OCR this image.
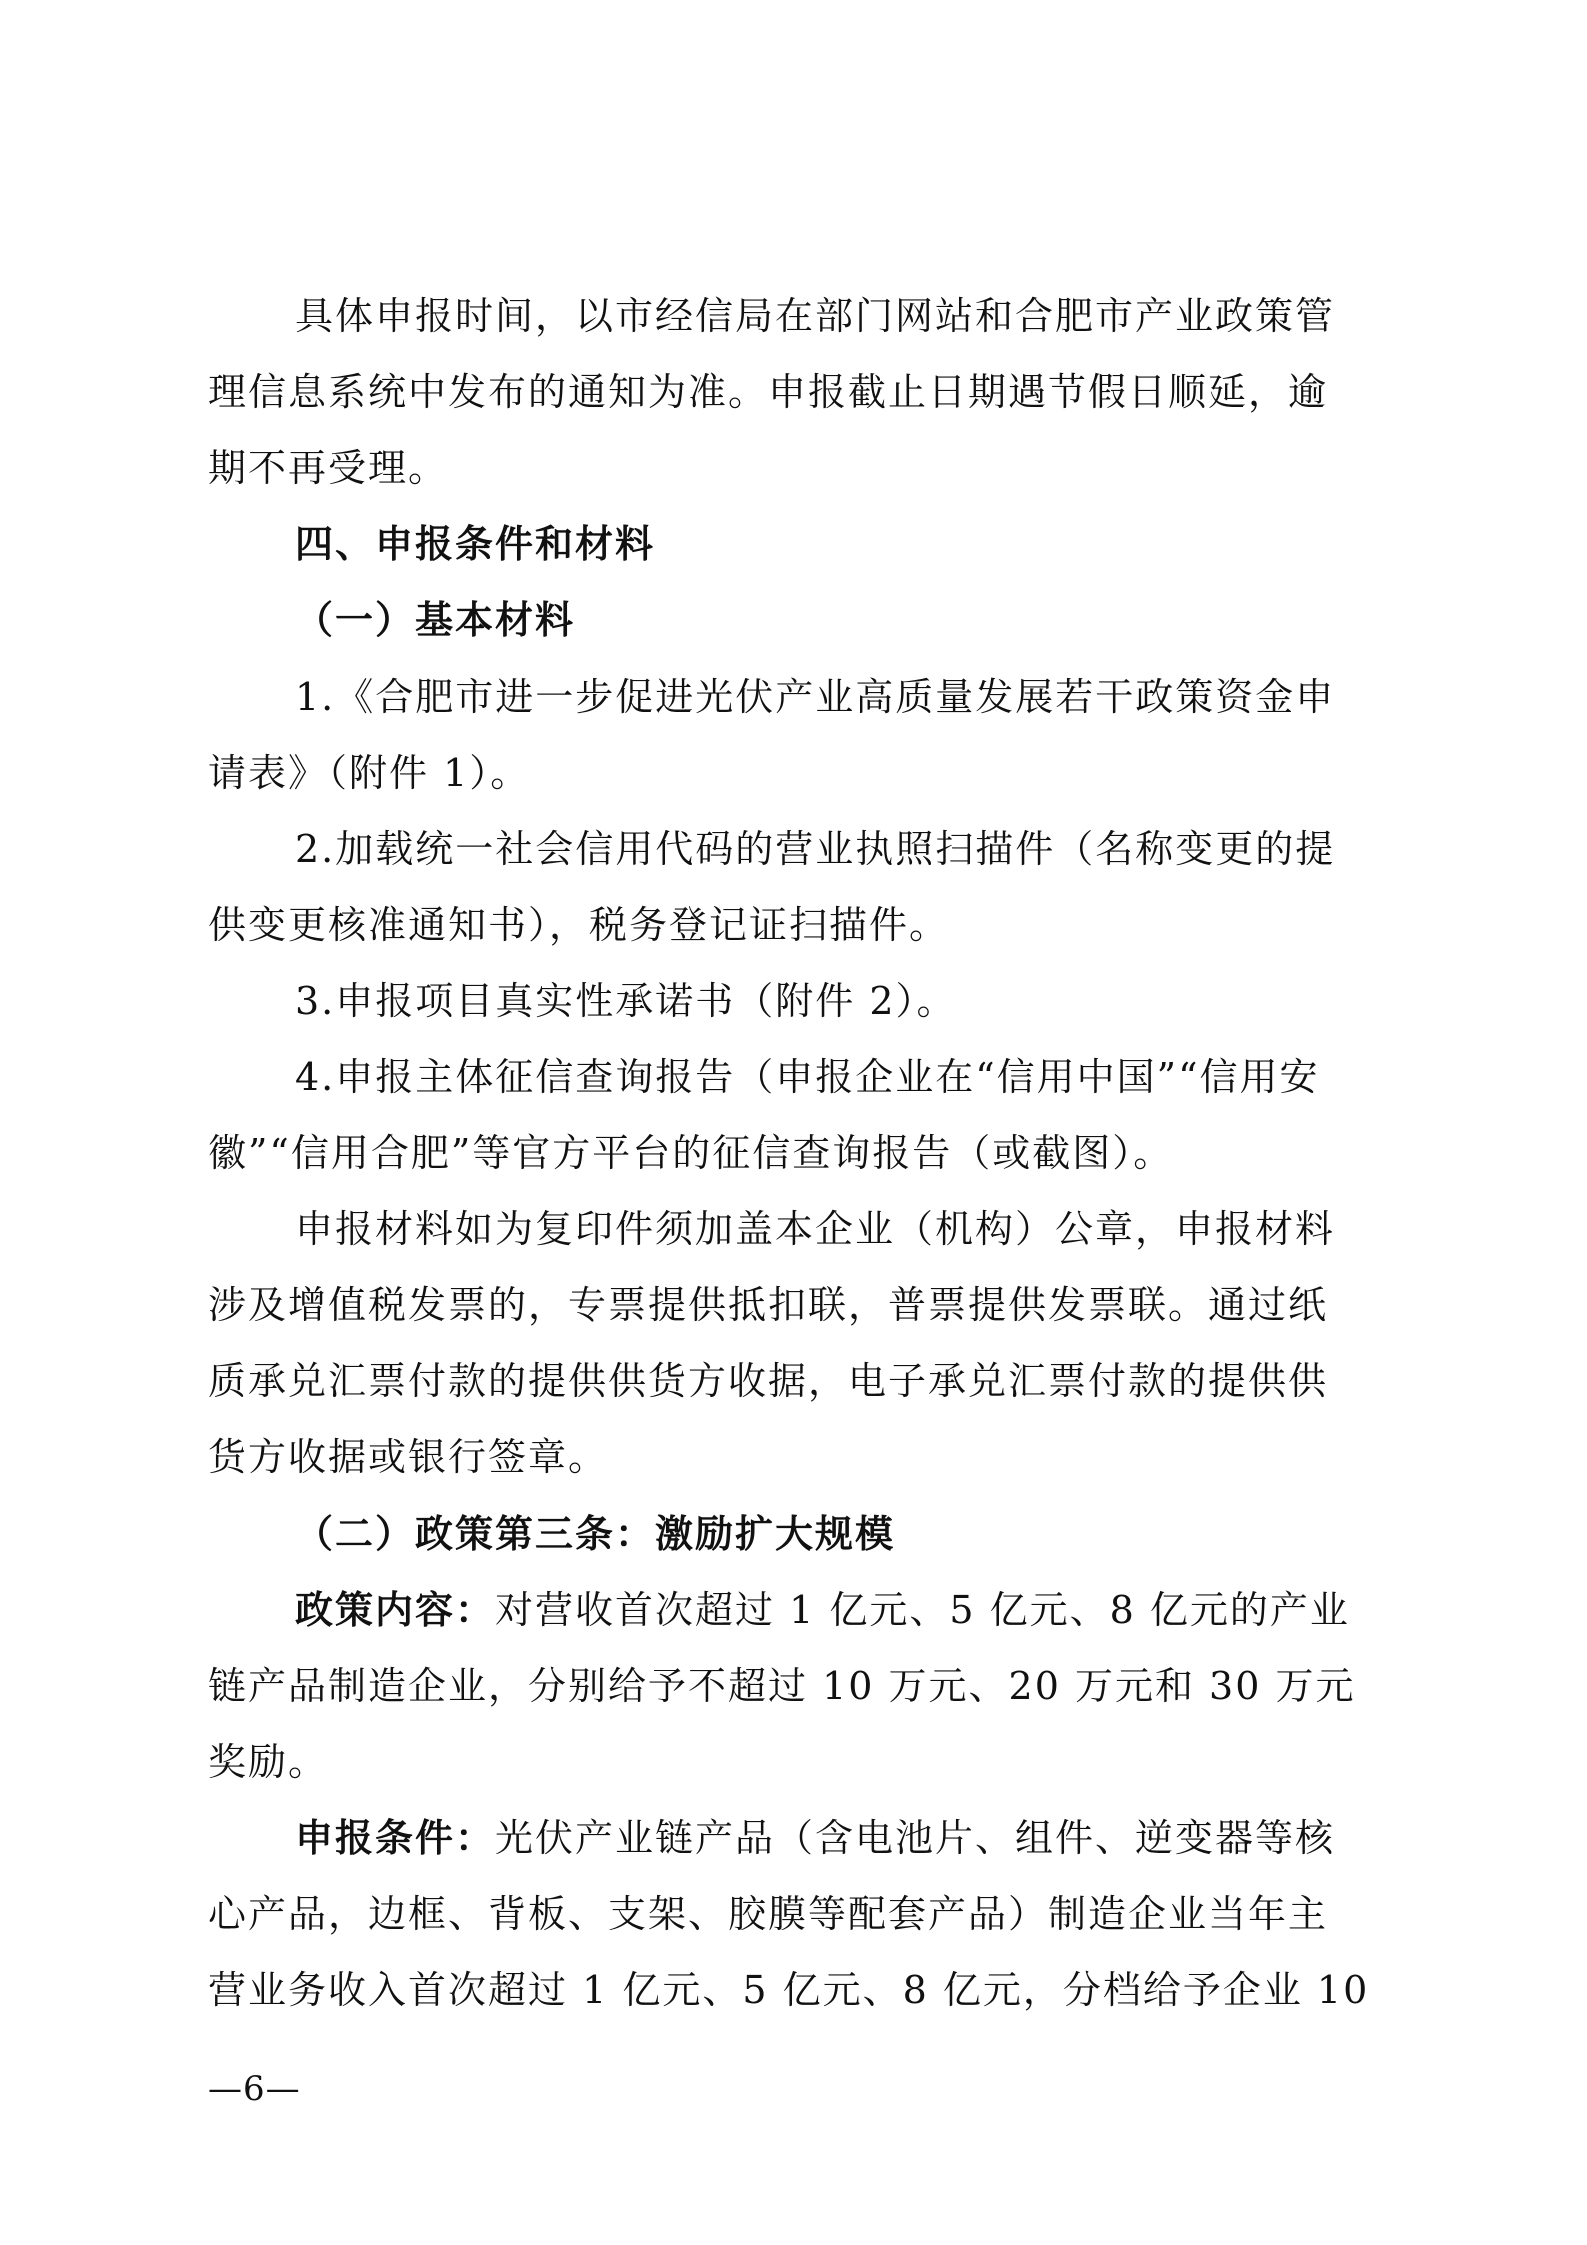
具体申报时间，以市经信局在部门网站和合肥市产业政策管
理信息系统中发布的通知为准。申报截止日期遇节假日顺延，逾
期不再受理。
四、申报条件和材料
（一）基本材料
1.《合肥市进一步促进光伏产业高质量发展若干政策资金申
请表》（附件 1）。
2.加载统一社会信用代码的营业执照扫描件（名称变更的提
供变更核准通知书），税务登记证扫描件。
3.申报项目真实性承诺书（附件 2）。
4.申报主体征信查询报告（申报企业在“信用中国”“信用安
徽”“信用合肥”等官方平台的征信查询报告（或截图）。
申报材料如为复印件须加盖本企业（机构）公章，申报材料
涉及增值税发票的，专票提供抵扣联，普票提供发票联。通过纸
质承兑汇票付款的提供供货方收据，电子承兑汇票付款的提供供
货方收据或银行签章。
（二）政策第三条：激励扩大规模
政策内容：对营收首次超过 1 亿元、5 亿元、8 亿元的产业
链产品制造企业，分别给予不超过 10 万元、20 万元和 30 万元
奖励。
申报条件：光伏产业链产品（含电池片、组件、逆变器等核
心产品，边框、背板、支架、胶膜等配套产品）制造企业当年主
营业务收入首次超过 1 亿元、5 亿元、8 亿元，分档给予企业 10
—6—
